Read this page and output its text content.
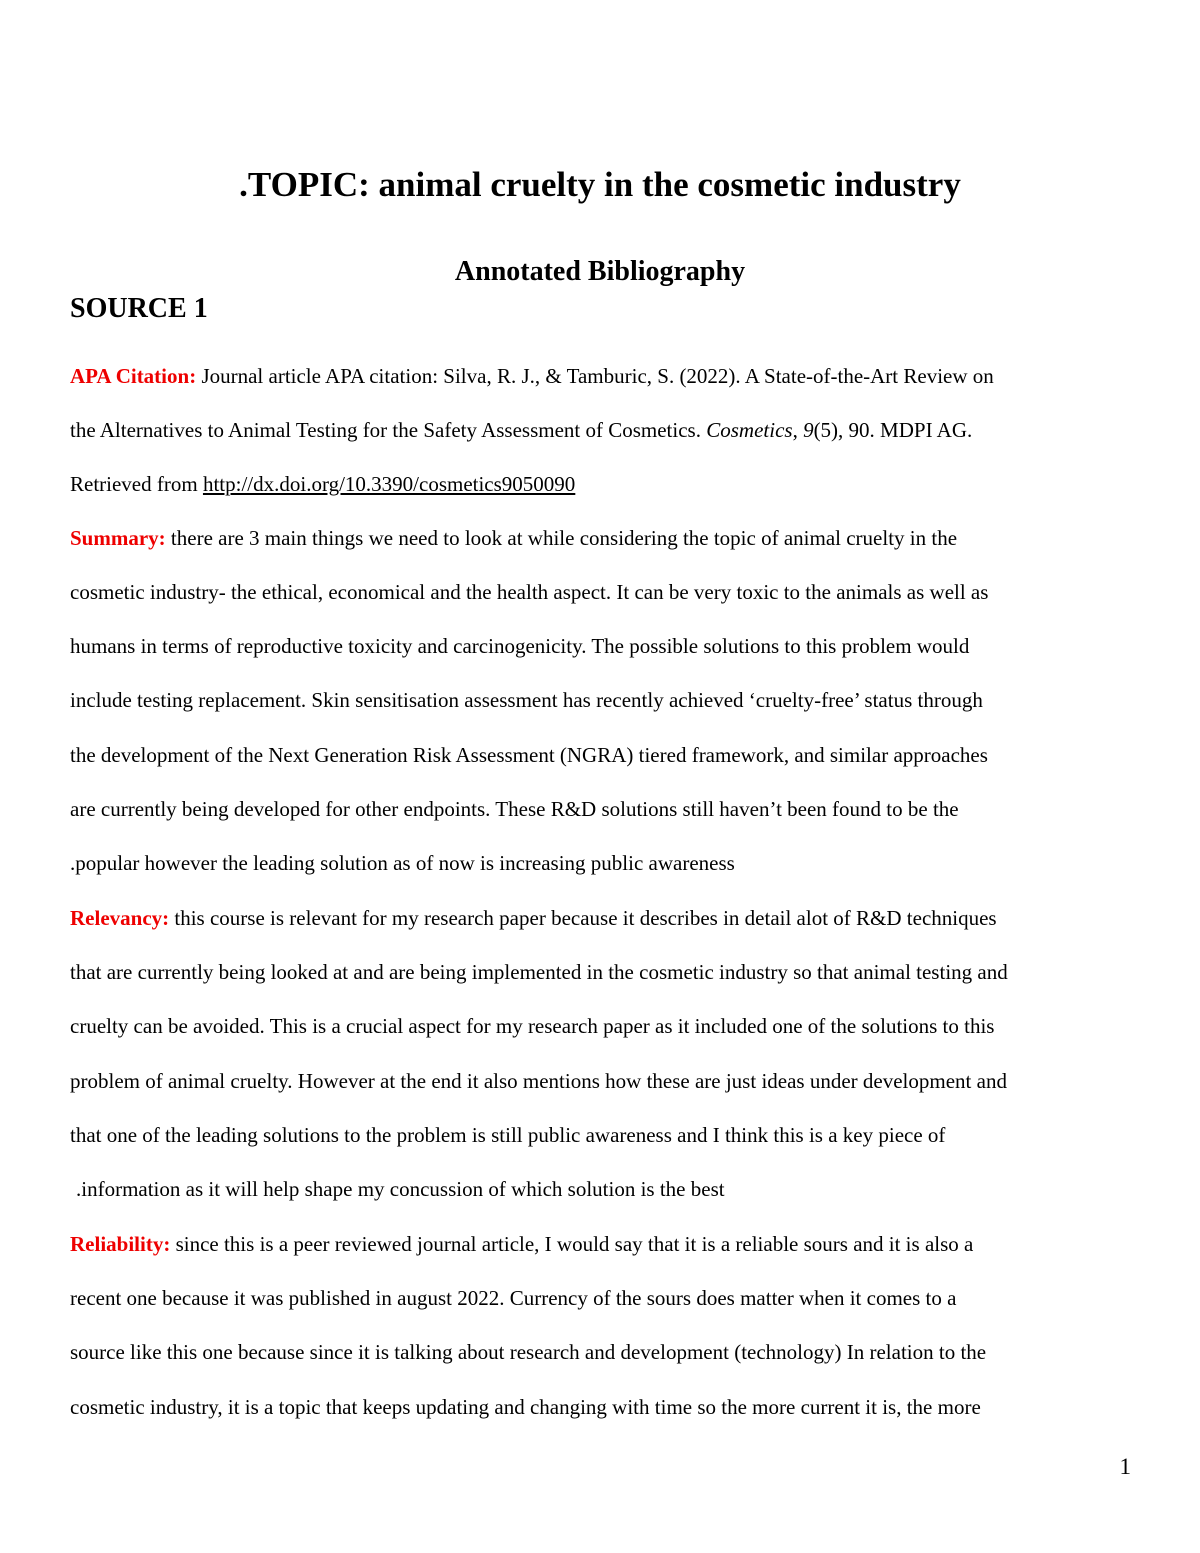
.TOPIC: animal cruelty in the cosmetic industry
Annotated Bibliography
SOURCE 1
APA Citation: Journal article APA citation: Silva, R. J., & Tamburic, S. (2022). A State-of-the-Art Review on
the Alternatives to Animal Testing for the Safety Assessment of Cosmetics. Cosmetics, 9(5), 90. MDPI AG.
Retrieved from http://dx.doi.org/10.3390/cosmetics9050090
Summary: there are 3 main things we need to look at while considering the topic of animal cruelty in the
cosmetic industry- the ethical, economical and the health aspect. It can be very toxic to the animals as well as
humans in terms of reproductive toxicity and carcinogenicity. The possible solutions to this problem would
include testing replacement. Skin sensitisation assessment has recently achieved ‘cruelty-free’ status through
the development of the Next Generation Risk Assessment (NGRA) tiered framework, and similar approaches
are currently being developed for other endpoints. These R&D solutions still haven’t been found to be the
.popular however the leading solution as of now is increasing public awareness
Relevancy: this course is relevant for my research paper because it describes in detail alot of R&D techniques
that are currently being looked at and are being implemented in the cosmetic industry so that animal testing and
cruelty can be avoided. This is a crucial aspect for my research paper as it included one of the solutions to this
problem of animal cruelty. However at the end it also mentions how these are just ideas under development and
that one of the leading solutions to the problem is still public awareness and I think this is a key piece of
.information as it will help shape my concussion of which solution is the best
Reliability: since this is a peer reviewed journal article, I would say that it is a reliable sours and it is also a
recent one because it was published in august 2022. Currency of the sours does matter when it comes to a
source like this one because since it is talking about research and development (technology) In relation to the
cosmetic industry, it is a topic that keeps updating and changing with time so the more current it is, the more
1
